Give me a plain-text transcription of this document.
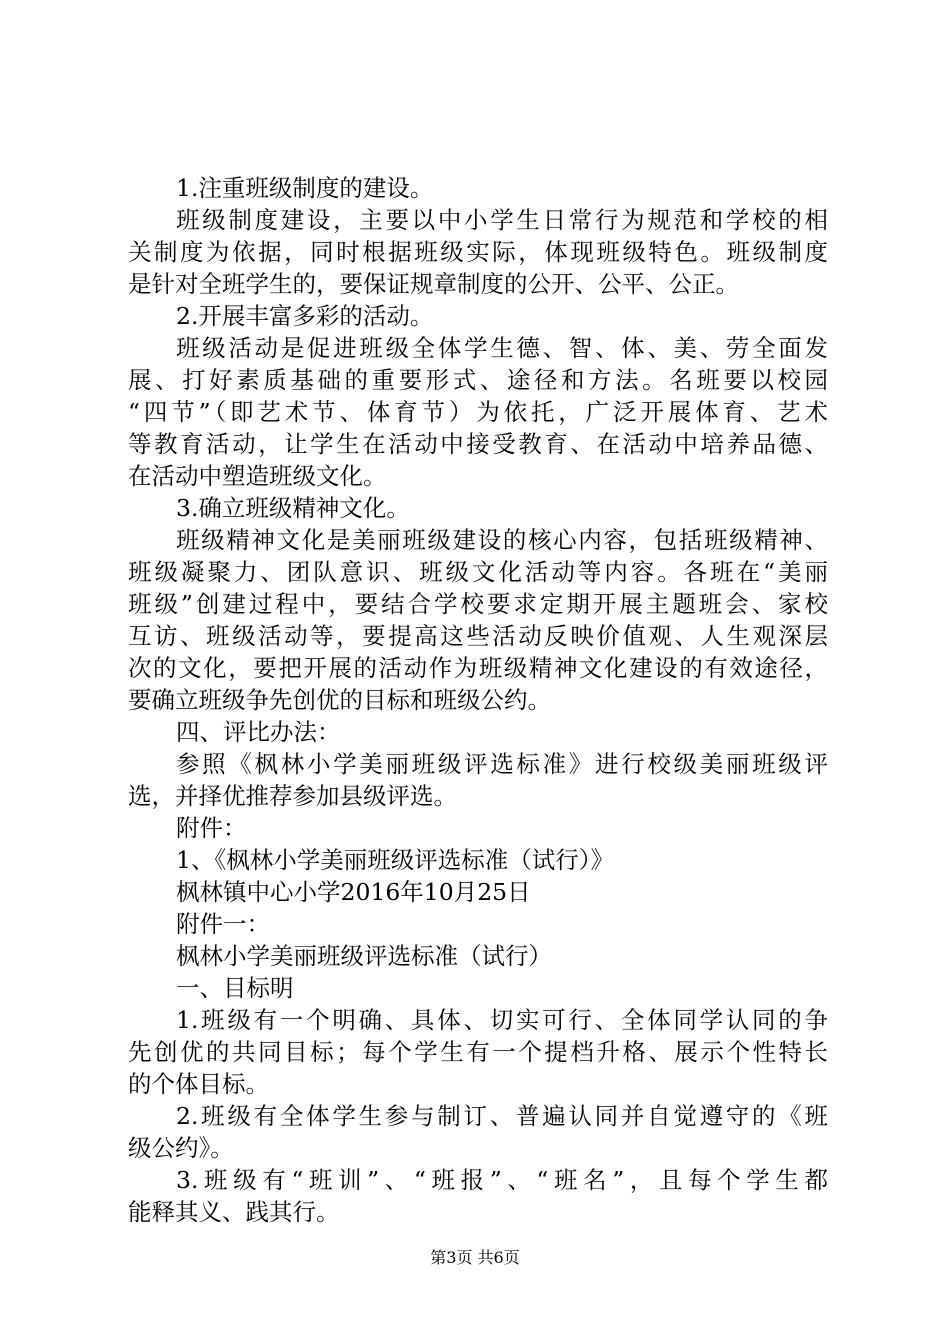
1.注重班级制度的建设。
班级制度建设，主要以中小学生日常行为规范和学校的相
关制度为依据，同时根据班级实际，体现班级特色。班级制度
是针对全班学生的，要保证规章制度的公开、公平、公正。
2.开展丰富多彩的活动。
班级活动是促进班级全体学生德、智、体、美、劳全面发
展、打好素质基础的重要形式、途径和方法。名班要以校园
“四节”（即艺术节、体育节）为依托，广泛开展体育、艺术
等教育活动，让学生在活动中接受教育、在活动中培养品德、
在活动中塑造班级文化。
3.确立班级精神文化。
班级精神文化是美丽班级建设的核心内容，包括班级精神、
班级凝聚力、团队意识、班级文化活动等内容。各班在“美丽
班级”创建过程中，要结合学校要求定期开展主题班会、家校
互访、班级活动等，要提高这些活动反映价值观、人生观深层
次的文化，要把开展的活动作为班级精神文化建设的有效途径，
要确立班级争先创优的目标和班级公约。
四、评比办法：
参照《枫林小学美丽班级评选标准》进行校级美丽班级评
选，并择优推荐参加县级评选。
附件：
1、《枫林小学美丽班级评选标准（试行）》
枫林镇中心小学2016年10月25日
附件一：
枫林小学美丽班级评选标准（试行）
一、目标明
1.班级有一个明确、具体、切实可行、全体同学认同的争
先创优的共同目标；每个学生有一个提档升格、展示个性特长
的个体目标。
2.班级有全体学生参与制订、普遍认同并自觉遵守的《班
级公约》。
3.班级有“班训”、“班报”、“班名”，且每个学生都
能释其义、践其行。
第3页 共6页
